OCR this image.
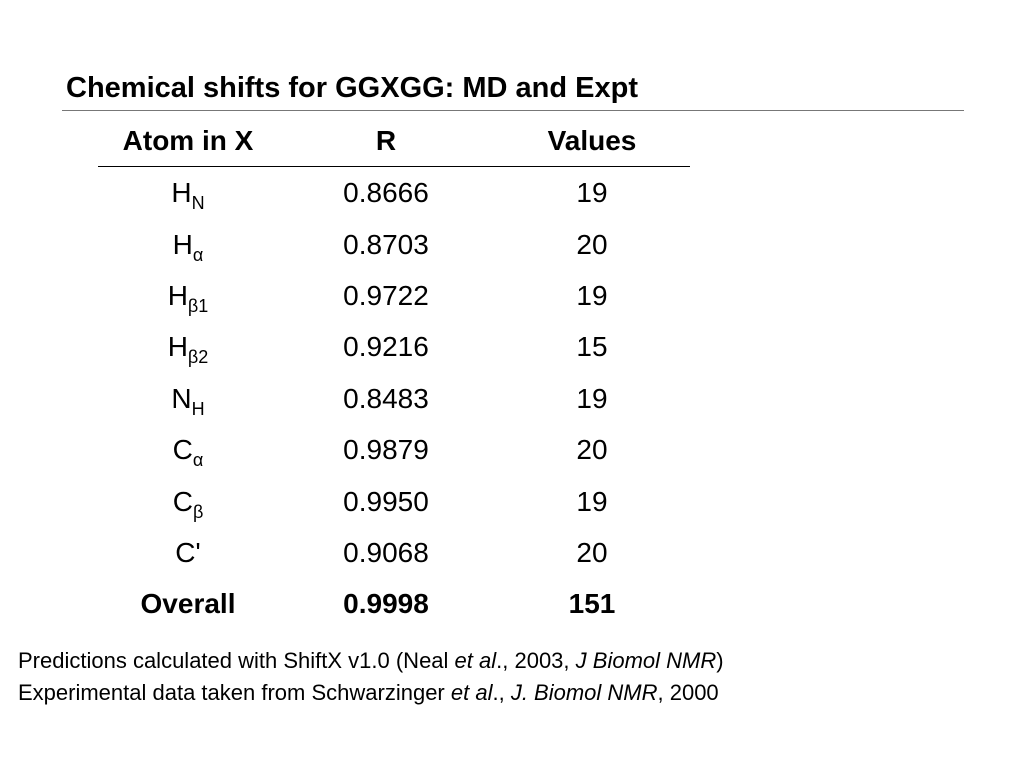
Chemical shifts for GGXGG: MD and Expt
Atom in X	R	Values
$H_N$	0.8666	19
$H_\alpha$	0.8703	20
$H_{\beta 1}$	0.9722	19
$H_{\beta 2}$	0.9216	15
$N_H$	0.8483	19
$C_\alpha$	0.9879	20
$C_\beta$	0.9950	19
C'	0.9068	20
Overall	0.9998	151

Predictions calculated with ShiftX v1.0 (Neal et al., 2003, J Biomol NMR)

Experimental data taken from Schwarzinger et al., J. Biomol NMR, 2000
